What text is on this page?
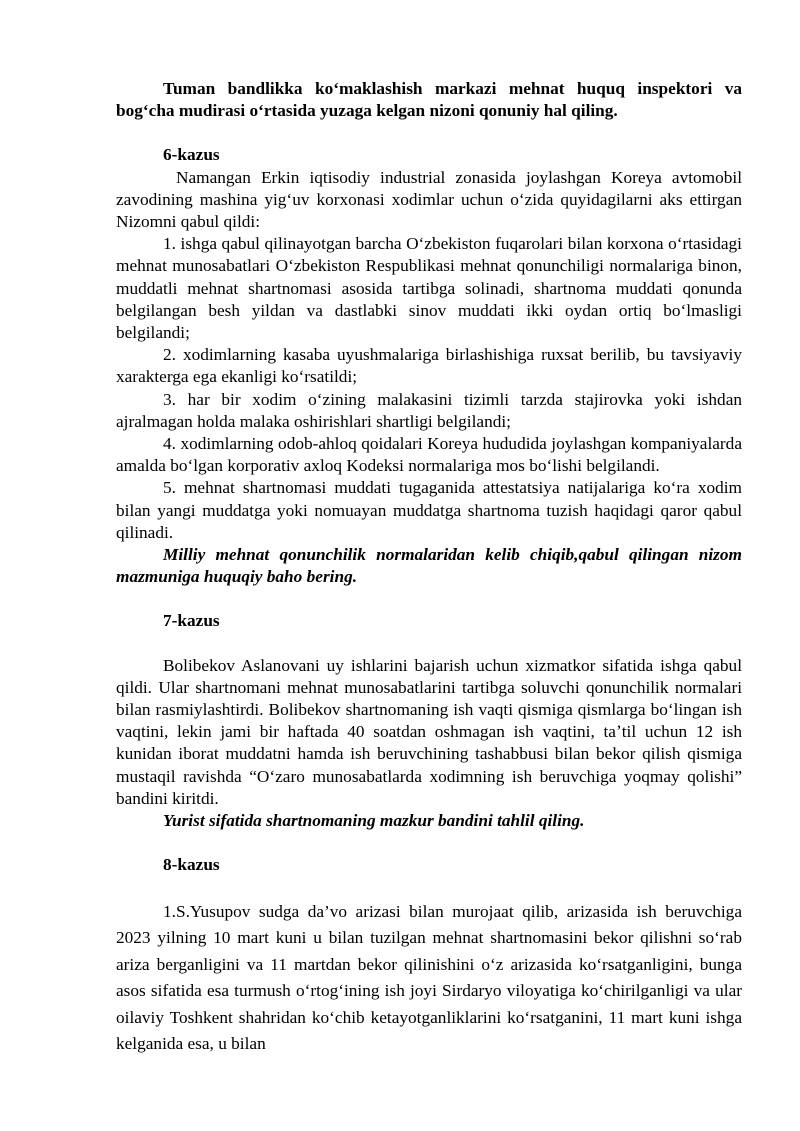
Tuman bandlikka koʻmaklashish markazi mehnat huquq inspektori va bogʻcha mudirasi oʻrtasida yuzaga kelgan nizoni qonuniy hal qiling.

6-kazus

Namangan Erkin iqtisodiy industrial zonasida joylashgan Koreya avtomobil zavodining mashina yigʻuv korxonasi xodimlar uchun oʻzida quyidagilarni aks ettirgan Nizomni qabul qildi:

1. ishga qabul qilinayotgan barcha Oʻzbekiston fuqarolari bilan korxona oʻrtasidagi mehnat munosabatlari Oʻzbekiston Respublikasi mehnat qonunchiligi normalariga binon, muddatli mehnat shartnomasi asosida tartibga solinadi, shartnoma muddati qonunda belgilangan besh yildan va dastlabki sinov muddati ikki oydan ortiq boʻlmasligi belgilandi;

2. xodimlarning kasaba uyushmalariga birlashishiga ruxsat berilib, bu tavsiyaviy xarakterga ega ekanligi koʻrsatildi;

3. har bir xodim oʻzining malakasini tizimli tarzda stajirovka yoki ishdan ajralmagan holda malaka oshirishlari shartligi belgilandi;

4. xodimlarning odob-ahloq qoidalari Koreya hududida joylashgan kompaniyalarda amalda boʻlgan korporativ axloq Kodeksi normalariga mos boʻlishi belgilandi.

5. mehnat shartnomasi muddati tugaganida attestatsiya natijalariga koʻra xodim bilan yangi muddatga yoki nomuayan muddatga shartnoma tuzish haqidagi qaror qabul qilinadi.

Milliy mehnat qonunchilik normalaridan kelib chiqib,qabul qilingan nizom mazmuniga huquqiy baho bering.

7-kazus

Bolibekov Aslanovani uy ishlarini bajarish uchun xizmatkor sifatida ishga qabul qildi. Ular shartnomani mehnat munosabatlarini tartibga soluvchi qonunchilik normalari bilan rasmiylashtirdi. Bolibekov shartnomaning ish vaqti qismiga qismlarga boʻlingan ish vaqtini, lekin jami bir haftada 40 soatdan oshmagan ish vaqtini, taʼtil uchun 12 ish kunidan iborat muddatni hamda ish beruvchining tashabbusi bilan bekor qilish qismiga mustaqil ravishda “Oʻzaro munosabatlarda xodimning ish beruvchiga yoqmay qolishi” bandini kiritdi.

Yurist sifatida shartnomaning mazkur bandini tahlil qiling.

8-kazus

1.S.Yusupov sudga da’vo arizasi bilan murojaat qilib, arizasida ish beruvchiga 2023 yilning 10 mart kuni u bilan tuzilgan mehnat shartnomasini bekor qilishni soʻrab ariza berganligini va 11 martdan bekor qilinishini oʻz arizasida koʻrsatganligini, bunga asos sifatida esa turmush oʻrtogʻining ish joyi Sirdaryo viloyatiga koʻchirilganligi va ular oilaviy Toshkent shahridan koʻchib ketayotganliklarini koʻrsatganini, 11 mart kuni ishga kelganida esa, u bilan
